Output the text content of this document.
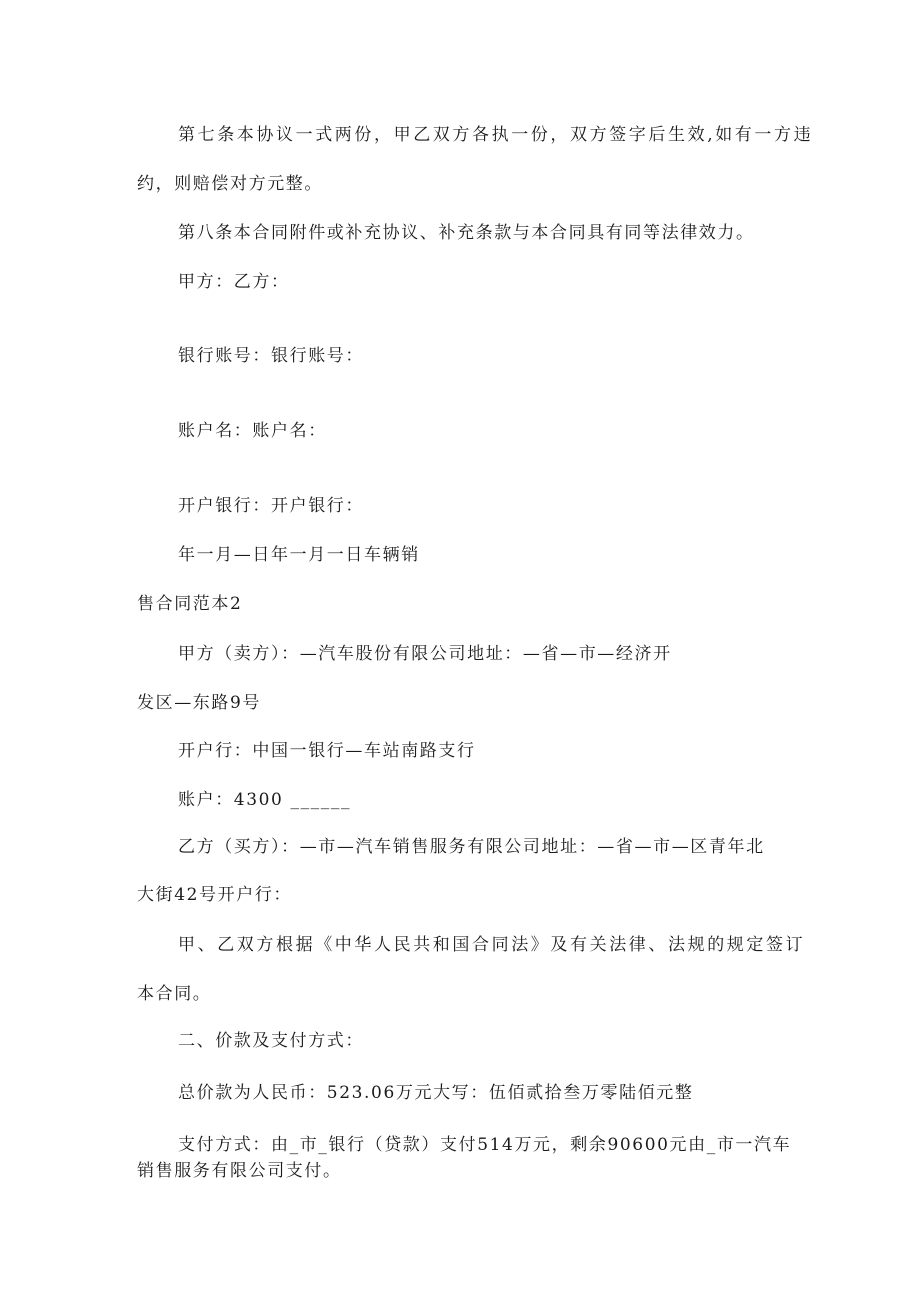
第七条本协议一式两份，甲乙双方各执一份，双方签字后生效,如有一方违
约，则赔偿对方元整。
第八条本合同附件或补充协议、补充条款与本合同具有同等法律效力。
甲方：乙方：
银行账号：银行账号：
账户名：账户名：
开户银行：开户银行：
年一月—日年一月一日车辆销
售合同范本2
甲方（卖方）：—汽车股份有限公司地址：—省—市—经济开
发区—东路9号
开户行：中国一银行—车站南路支行
账户：4300 ______
乙方（买方）：—市—汽车销售服务有限公司地址：—省—市—区青年北
大街42号开户行：
甲、乙双方根据《中华人民共和国合同法》及有关法律、法规的规定签订
本合同。
二、价款及支付方式：
总价款为人民币：523.06万元大写：伍佰贰拾叁万零陆佰元整
支付方式：由_市_银行（贷款）支付514万元，剩余90600元由_市一汽车
销售服务有限公司支付。
